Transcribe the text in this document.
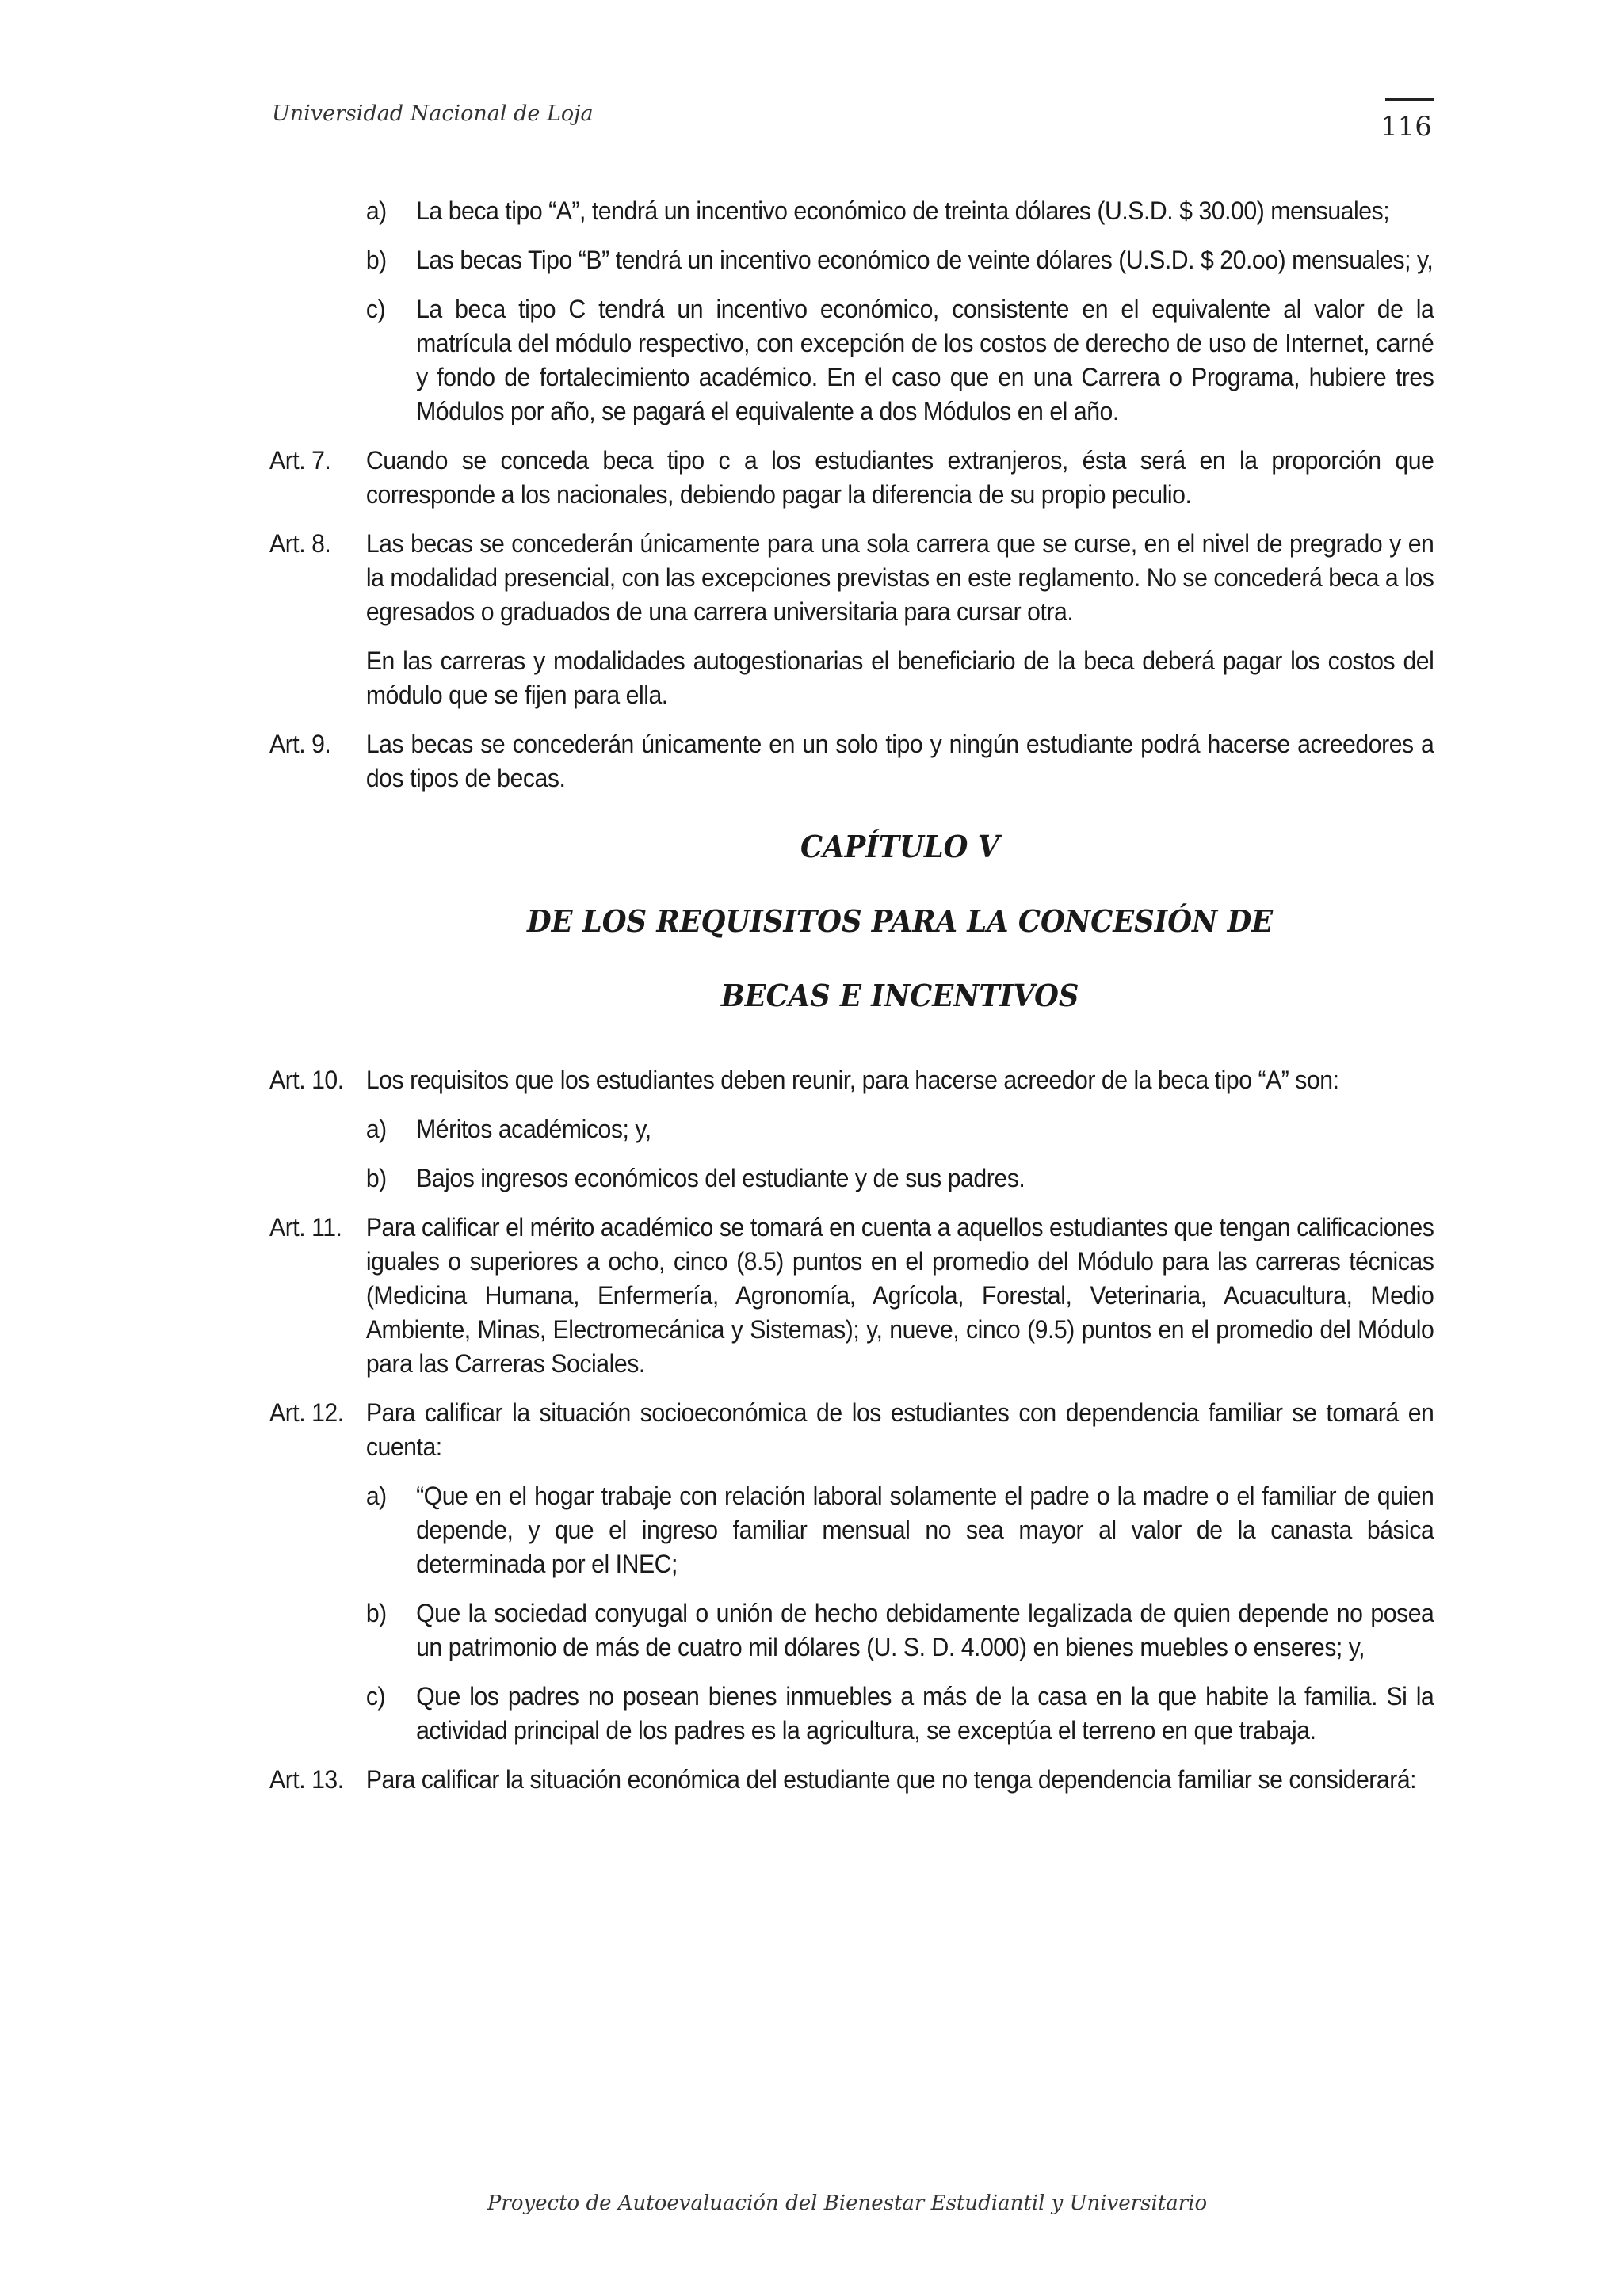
Universidad Nacional de Loja	116
a)	La beca tipo “A”, tendrá un incentivo económico de treinta dólares (U.S.D. $ 30.00) mensuales;
b)	Las becas Tipo “B” tendrá un incentivo económico de veinte dólares (U.S.D. $ 20.oo) mensuales; y,
c)	La beca tipo C tendrá un incentivo económico, consistente en el equivalente al valor de la matrícula del módulo respectivo, con excepción de los costos de derecho de uso de Internet, carné y fondo de fortalecimiento académico. En el caso que en una Carrera o Programa, hubiere tres Módulos por año, se pagará el equivalente a dos Módulos en el año.
Art. 7.	Cuando se conceda beca tipo c a los estudiantes extranjeros, ésta será en la proporción que corresponde a los nacionales, debiendo pagar la diferencia de su propio peculio.
Art. 8.	Las becas se concederán únicamente para una sola carrera que se curse, en el nivel de pregrado y en la modalidad presencial, con las excepciones previstas en este reglamento. No se concederá beca a los egresados o graduados de una carrera universitaria para cursar otra.
En las carreras y modalidades autogestionarias el beneficiario de la beca deberá pagar los costos del módulo que se fijen para ella.
Art. 9.	Las becas se concederán únicamente en un solo tipo y ningún estudiante podrá hacerse acreedores a dos tipos de becas.
CAPÍTULO V
DE LOS REQUISITOS PARA LA CONCESIÓN DE
BECAS E INCENTIVOS
Art. 10. Los requisitos que los estudiantes deben reunir, para hacerse acreedor de la beca tipo “A” son:
a)	Méritos académicos; y,
b)	Bajos ingresos económicos del estudiante y de sus padres.
Art. 11. Para calificar el mérito académico se tomará en cuenta a aquellos estudiantes que tengan calificaciones iguales o superiores a ocho, cinco (8.5) puntos en el promedio del Módulo para las carreras técnicas (Medicina Humana, Enfermería, Agronomía, Agrícola, Forestal, Veterinaria, Acuacultura, Medio Ambiente, Minas, Electromecánica y Sistemas); y, nueve, cinco (9.5) puntos en el promedio del Módulo para las Carreras Sociales.
Art. 12. Para calificar la situación socioeconómica de los estudiantes con dependencia familiar se tomará en cuenta:
a)	“Que en el hogar trabaje con relación laboral solamente el padre o la madre o el familiar de quien depende, y que el ingreso familiar mensual no sea mayor al valor de la canasta básica determinada por el INEC;
b)	Que la sociedad conyugal o unión de hecho debidamente legalizada de quien depende no posea un patrimonio de más de cuatro mil dólares (U. S. D. 4.000) en bienes muebles o enseres; y,
c)	Que los padres no posean bienes inmuebles a más de la casa en la que habite la familia. Si la actividad principal de los padres es la agricultura, se exceptúa el terreno en que trabaja.
Art. 13. Para calificar la situación económica del estudiante que no tenga dependencia familiar se considerará:
Proyecto de Autoevaluación del Bienestar Estudiantil y Universitario
